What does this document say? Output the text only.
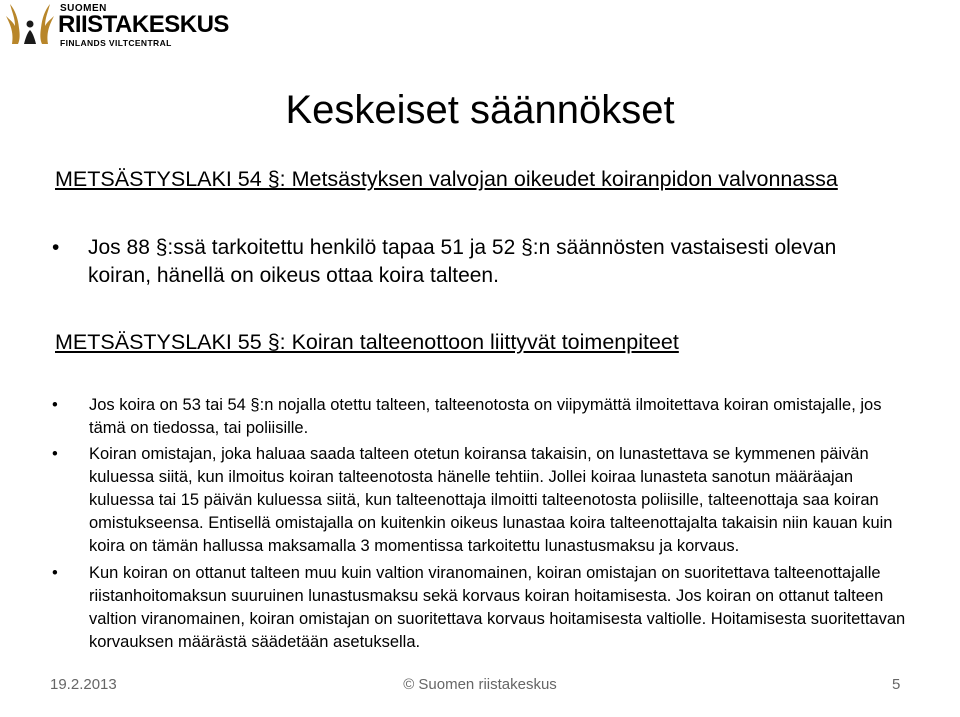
SUOMEN
RIISTAKESKUS
FINLANDS VILTCENTRAL
Keskeiset säännökset
METSÄSTYSLAKI 54 §: Metsästyksen valvojan oikeudet koiranpidon valvonnassa
• Jos 88 §:ssä tarkoitettu henkilö tapaa 51 ja 52 §:n säännösten vastaisesti olevan koiran, hänellä on oikeus ottaa koira talteen.
METSÄSTYSLAKI 55 §: Koiran talteenottoon liittyvät toimenpiteet
• Jos koira on 53 tai 54 §:n nojalla otettu talteen, talteenotosta on viipymättä ilmoitettava koiran omistajalle, jos tämä on tiedossa, tai poliisille.
• Koiran omistajan, joka haluaa saada talteen otetun koiransa takaisin, on lunastettava se kymmenen päivän kuluessa siitä, kun ilmoitus koiran talteenotosta hänelle tehtiin. Jollei koiraa lunasteta sanotun määräajan kuluessa tai 15 päivän kuluessa siitä, kun talteenottaja ilmoitti talteenotosta poliisille, talteenottaja saa koiran omistukseensa. Entisellä omistajalla on kuitenkin oikeus lunastaa koira talteenottajalta takaisin niin kauan kuin koira on tämän hallussa maksamalla 3 momentissa tarkoitettu lunastusmaksu ja korvaus.
• Kun koiran on ottanut talteen muu kuin valtion viranomainen, koiran omistajan on suoritettava talteenottajalle riistanhoitomaksun suuruinen lunastusmaksu sekä korvaus koiran hoitamisesta. Jos koiran on ottanut talteen valtion viranomainen, koiran omistajan on suoritettava korvaus hoitamisesta valtiolle. Hoitamisesta suoritettavan korvauksen määrästä säädetään asetuksella.
19.2.2013	© Suomen riistakeskus	5
